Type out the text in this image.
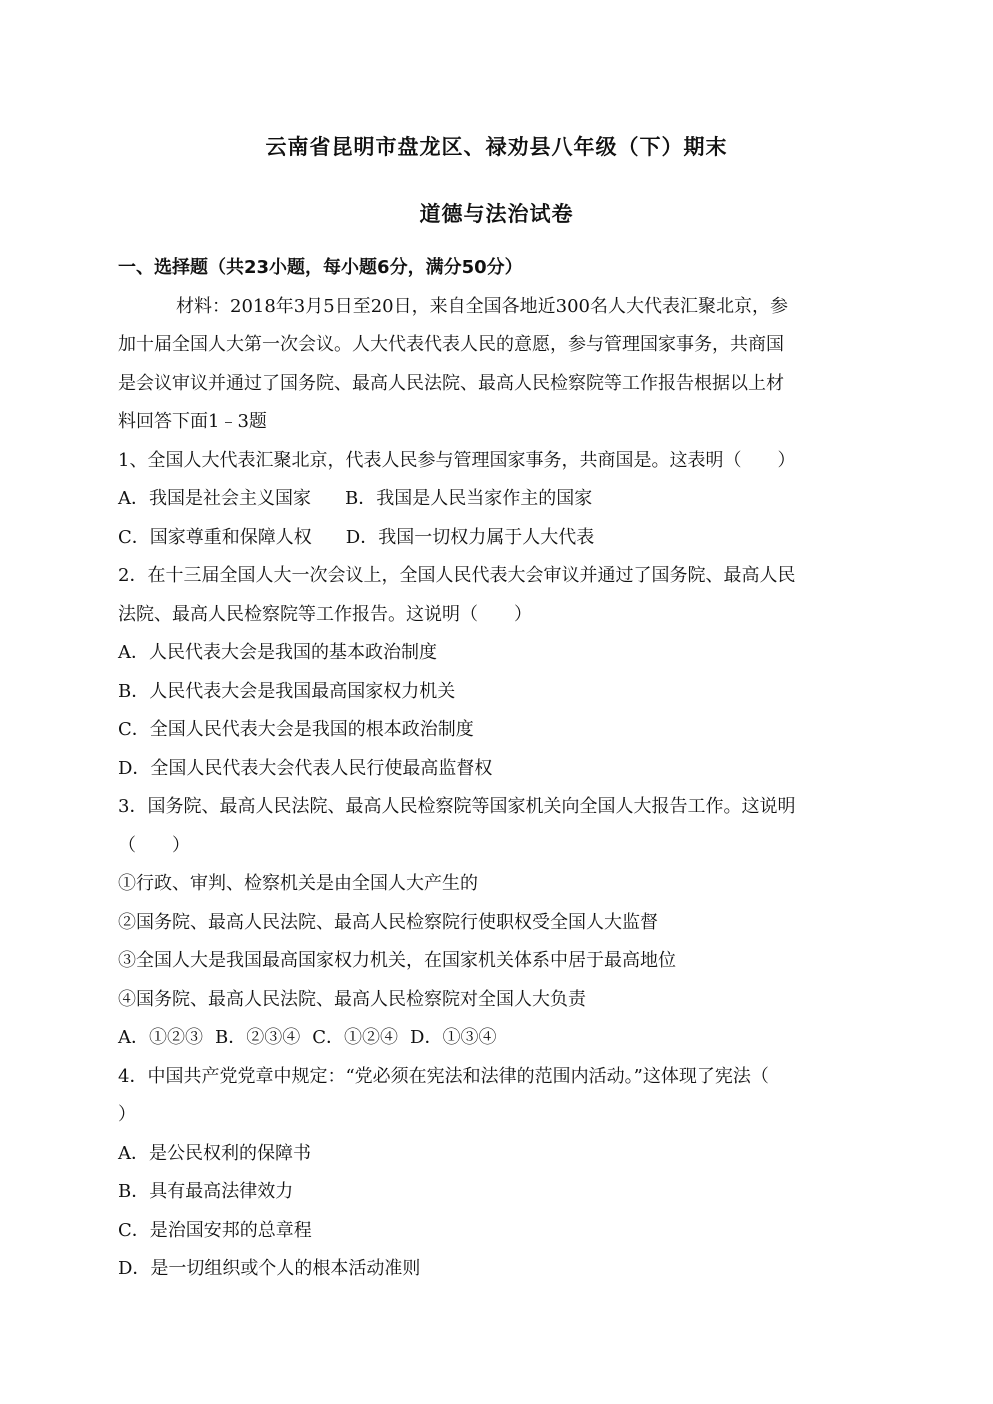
云南省昆明市盘龙区、禄劝县八年级（下）期末
道德与法治试卷

一、选择题（共23小题，每小题6分，满分50分）

材料：2018年3月5日至20日，来自全国各地近300名人大代表汇聚北京，参

加十届全国人大第一次会议。人大代表代表人民的意愿，参与管理国家事务，共商国

是会议审议并通过了国务院、最高人民法院、最高人民检察院等工作报告根据以上材

料回答下面1﹣3题

1、全国人大代表汇聚北京，代表人民参与管理国家事务，共商国是。这表明（　　）

A．我国是社会主义国家 B．我国是人民当家作主的国家

C．国家尊重和保障人权 D．我国一切权力属于人大代表

2．在十三届全国人大一次会议上，全国人民代表大会审议并通过了国务院、最高人民

法院、最高人民检察院等工作报告。这说明（　　）

A．人民代表大会是我国的基本政治制度

B．人民代表大会是我国最高国家权力机关

C．全国人民代表大会是我国的根本政治制度

D．全国人民代表大会代表人民行使最高监督权

3．国务院、最高人民法院、最高人民检察院等国家机关向全国人大报告工作。这说明

（　　）

①行政、审判、检察机关是由全国人大产生的

②国务院、最高人民法院、最高人民检察院行使职权受全国人大监督

③全国人大是我国最高国家权力机关，在国家机关体系中居于最高地位

④国务院、最高人民法院、最高人民检察院对全国人大负责

A．①②③ B．②③④ C．①②④ D．①③④

4．中国共产党党章中规定：“党必须在宪法和法律的范围内活动。”这体现了宪法（

）

A．是公民权利的保障书

B．具有最高法律效力

C．是治国安邦的总章程

D．是一切组织或个人的根本活动准则
